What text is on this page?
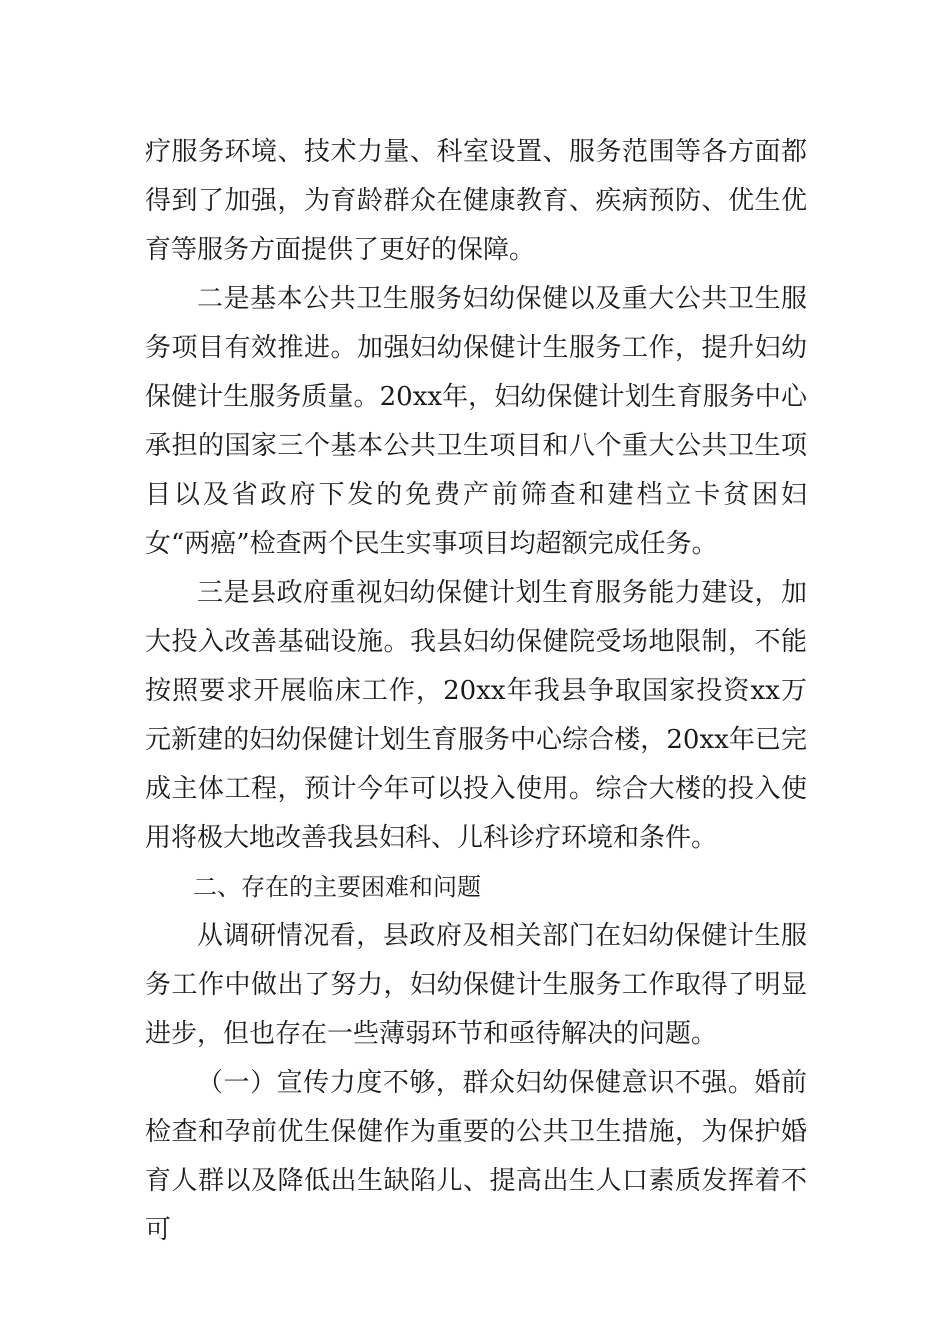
疗服务环境、技术力量、科室设置、服务范围等各方面都得到了加强，为育龄群众在健康教育、疾病预防、优生优育等服务方面提供了更好的保障。

二是基本公共卫生服务妇幼保健以及重大公共卫生服务项目有效推进。加强妇幼保健计生服务工作，提升妇幼保健计生服务质量。20xx年，妇幼保健计划生育服务中心承担的国家三个基本公共卫生项目和八个重大公共卫生项目以及省政府下发的免费产前筛查和建档立卡贫困妇女“两癌”检查两个民生实事项目均超额完成任务。

三是县政府重视妇幼保健计划生育服务能力建设，加大投入改善基础设施。我县妇幼保健院受场地限制，不能按照要求开展临床工作，20xx年我县争取国家投资xx万元新建的妇幼保健计划生育服务中心综合楼，20xx年已完成主体工程，预计今年可以投入使用。综合大楼的投入使用将极大地改善我县妇科、儿科诊疗环境和条件。

二、存在的主要困难和问题

从调研情况看，县政府及相关部门在妇幼保健计生服务工作中做出了努力，妇幼保健计生服务工作取得了明显进步，但也存在一些薄弱环节和亟待解决的问题。

（一）宣传力度不够，群众妇幼保健意识不强。婚前检查和孕前优生保健作为重要的公共卫生措施，为保护婚育人群以及降低出生缺陷儿、提高出生人口素质发挥着不可
